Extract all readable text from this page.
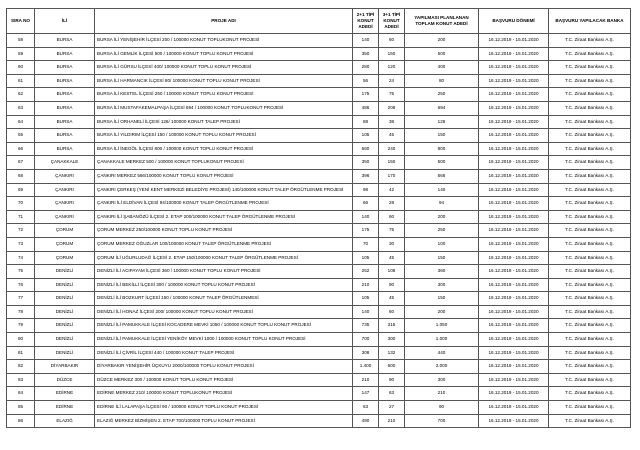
SIRA NO	İLİ	PROJE ADI	2+1 TİPİ KONUT ADEDİ	3+1 TİPİ KONUT ADEDİ	YAPILMASI PLANLANAN TOPLAM KONUT ADEDİ	BAŞVURU DÖNEMİ	BAŞVURU YAPILACAK BANKA
58	BURSA	BURSA İLİ YENİŞEHİR İLÇESİ 200 / 100000 KONUT TOPLUKONUT PROJESİ	140	60	200	16.12.2019 - 15.01.2020	T.C. Ziraat Bankası A.Ş.
59	BURSA	BURSA İLİ GEMLİK İLÇESİ 500 / 100000 KONUT TOPLU KONUT PROJESİ	350	150	500	16.12.2019 - 15.01.2020	T.C. Ziraat Bankası A.Ş.
60	BURSA	BURSA İLİ GÜRSU İLÇESİ 400/ 100000 KONUT TOPLU KONUT PROJESİ	280	120	400	16.12.2019 - 15.01.2020	T.C. Ziraat Bankası A.Ş.
61	BURSA	BURSA İLİ HARMANCIK İLÇESİ 80/ 100000 KONUT TOPLU KONUT PROJESİ	56	24	80	16.12.2019 - 15.01.2020	T.C. Ziraat Bankası A.Ş.
62	BURSA	BURSA İLİ KESTEL İLÇESİ 250 / 100000 KONUT TOPLU KONUT PROJESİ	175	75	250	16.12.2019 - 15.01.2020	T.C. Ziraat Bankası A.Ş.
63	BURSA	BURSA İLİ MUSTAFAKEMALPAŞA İLÇESİ 694 / 100000 KONUT TOPLUKONUT PROJESİ	486	208	694	16.12.2019 - 15.01.2020	T.C. Ziraat Bankası A.Ş.
64	BURSA	BURSA İLİ ORHANELİ İLÇESİ 126/ 100000 KONUT TALEP PROJESİ	88	38	126	16.12.2019 - 15.01.2020	T.C. Ziraat Bankası A.Ş.
65	BURSA	BURSA İLİ YILDIRIM İLÇESİ 150 / 100000 KONUT TOPLU KONUT PROJESİ	105	45	150	16.12.2019 - 15.01.2020	T.C. Ziraat Bankası A.Ş.
66	BURSA	BURSA İLİ İNEGÖL İLÇESİ 800 / 100000 KONUT TOPLU KONUT PROJESİ	560	240	800	16.12.2019 - 15.01.2020	T.C. Ziraat Bankası A.Ş.
67	ÇANAKKALE	ÇANAKKALE MERKEZ 500 / 100000 KONUT TOPLUKONUT PROJESİ	350	150	500	16.12.2019 - 15.01.2020	T.C. Ziraat Bankası A.Ş.
68	ÇANKIRI	ÇANKIRI MERKEZ 566/100000 KONUT TOPLU KONUT PROJESİ	396	170	566	16.12.2019 - 15.01.2020	T.C. Ziraat Bankası A.Ş.
69	ÇANKIRI	ÇANKIRI ÇERKEŞ (YENİ KENT MERKEZİ BELEDİYE PROJESİ) 140/100000 KONUT TALEP ÖRGÜTLENME PROJESİ	98	42	140	16.12.2019 - 15.01.2020	T.C. Ziraat Bankası A.Ş.
70	ÇANKIRI	ÇANKIRI İLİ ELDİVAN İLÇESİ 94/100000 KONUT TALEP ÖRGÜTLENME PROJESİ	66	28	94	16.12.2019 - 15.01.2020	T.C. Ziraat Bankası A.Ş.
71	ÇANKIRI	ÇANKIRI İLİ ŞABANÖZÜ İLÇESİ 2. ETAP 200/100000 KONUT TALEP ÖRGÜTLENME PROJESİ	140	60	200	16.12.2019 - 15.01.2020	T.C. Ziraat Bankası A.Ş.
72	ÇORUM	ÇORUM MERKEZ 250/100000 KONUT TOPLU KONUT PROJESİ	175	75	250	16.12.2019 - 15.01.2020	T.C. Ziraat Bankası A.Ş.
73	ÇORUM	ÇORUM MERKEZ OĞUZLAR 100/100000 KONUT TALEP ÖRGÜTLENME PROJESİ	70	30	100	16.12.2019 - 15.01.2020	T.C. Ziraat Bankası A.Ş.
74	ÇORUM	ÇORUM İLİ UĞURLUDAĞ İLÇESİ 2. ETAP 150/100000 KONUT TALEP ÖRGÜTLENME PROJESİ	105	45	150	16.12.2019 - 15.01.2020	T.C. Ziraat Bankası A.Ş.
75	DENİZLİ	DENİZLİ İLİ ACIPAYAM İLÇESİ 360 / 100000 KONUT TOPLU KONUT PROJESİ	252	108	360	16.12.2019 - 15.01.2020	T.C. Ziraat Bankası A.Ş.
76	DENİZLİ	DENİZLİ İLİ BEKİLLİ İLÇESİ 300 / 100000 KONUT TOPLU KONUT PROJESİ	210	90	300	16.12.2019 - 15.01.2020	T.C. Ziraat Bankası A.Ş.
77	DENİZLİ	DENİZLİ İLİ BOZKURT İLÇESİ 150 / 100000 KONUT TALEP ÖRGÜTLENMESİ	105	45	150	16.12.2019 - 15.01.2020	T.C. Ziraat Bankası A.Ş.
78	DENİZLİ	DENİZLİ İLİ HONAZ İLÇESİ 200/ 100000 KONUT TOPLU KONUT PROJESİ	140	60	200	16.12.2019 - 15.01.2020	T.C. Ziraat Bankası A.Ş.
79	DENİZLİ	DENİZLİ İLİ PAMUKKALE İLÇESİ KOCADERE MEVKİ 1050 / 100000 KONUT TOPLU KONUT PROJESİ	735	315	1.050	16.12.2019 - 15.01.2020	T.C. Ziraat Bankası A.Ş.
80	DENİZLİ	DENİZLİ İLİ PAMUKKALE İLÇESİ YENİKÖY MEVKİ 1000 / 100000 KONUT TOPLU KONUT PROJESİ	700	300	1.000	16.12.2019 - 15.01.2020	T.C. Ziraat Bankası A.Ş.
81	DENİZLİ	DENİZLİ İLİ ÇİVRİL İLÇESİ 440 / 100000 KONUT TALEP PROJESİ	308	132	440	16.12.2019 - 15.01.2020	T.C. Ziraat Bankası A.Ş.
82	DİYARBAKIR	DİYARBAKIR YENİŞEHİR ÜÇKUYU 2000/100000 TOPLU KONUT PROJESİ	1.400	600	2.000	16.12.2019 - 15.01.2020	T.C. Ziraat Bankası A.Ş.
83	DÜZCE	DÜZCE MERKEZ 300 / 100000 KONUT TOPLU KONUT PROJESİ	210	90	300	16.12.2019 - 15.01.2020	T.C. Ziraat Bankası A.Ş.
84	EDİRNE	EDİRNE MERKEZ 210/ 100000 KONUT TOPLUKONUT PROJESİ	147	63	210	16.12.2019 - 15.01.2020	T.C. Ziraat Bankası A.Ş.
85	EDİRNE	EDİRNE İLİ LALAPAŞA İLÇESİ 90 / 100000 KONUT TOPLU KONUT PROJESİ	63	27	90	16.12.2019 - 15.01.2020	T.C. Ziraat Bankası A.Ş.
86	ELAZIĞ	ELAZIĞ MERKEZ BİZMİŞEN 2. ETAP 700/100000 TOPLU KONUT PROJESİ	490	210	700	16.12.2019 - 15.01.2020	T.C. Ziraat Bankası A.Ş.
